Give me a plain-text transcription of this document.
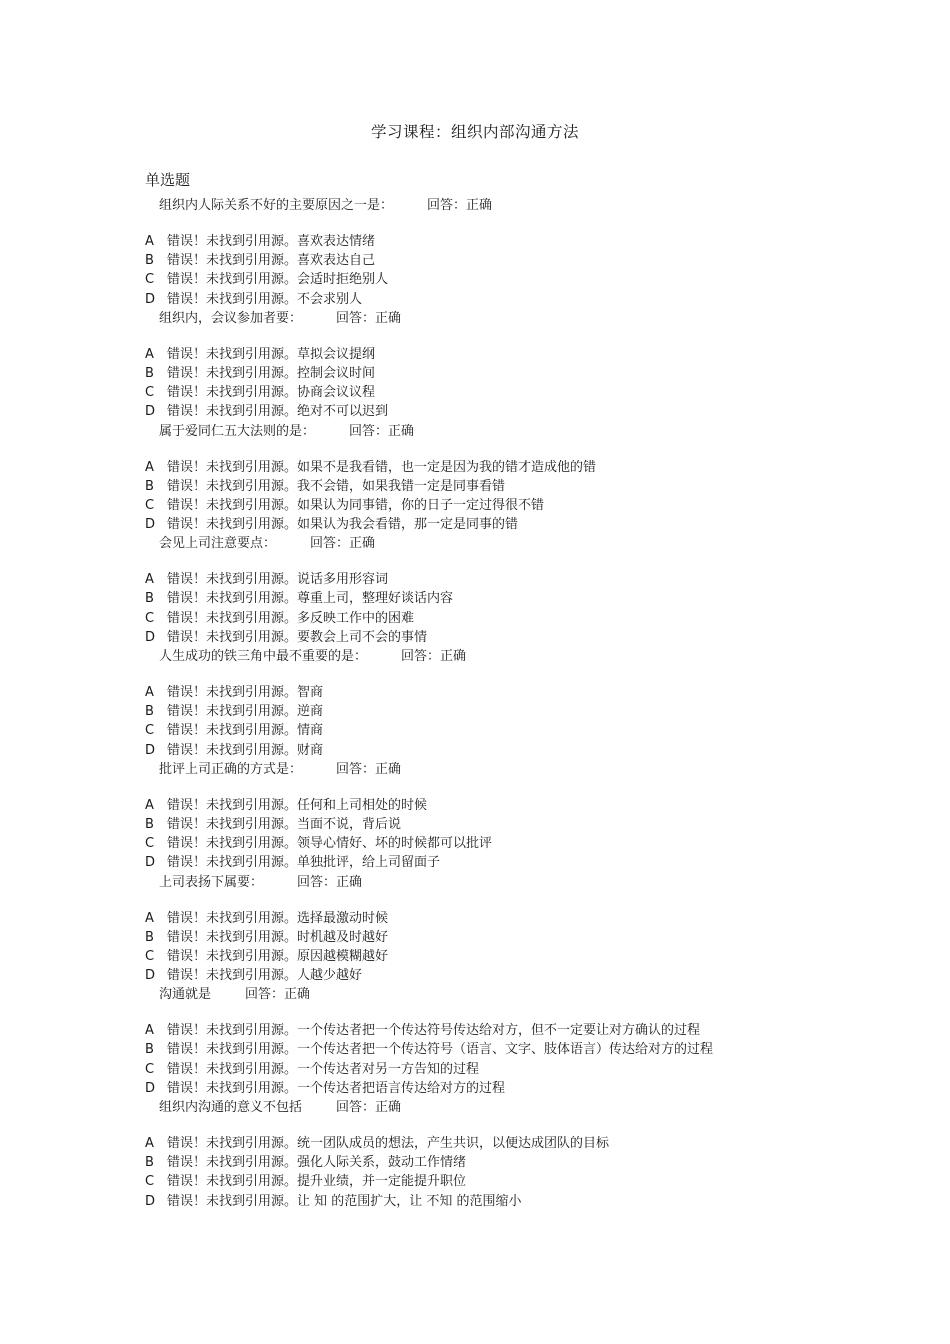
学习课程：组织内部沟通方法
单选题
组织内人际关系不好的主要原因之一是：	回答：正确
A 错误！未找到引用源。喜欢表达情绪
B 错误！未找到引用源。喜欢表达自己
C 错误！未找到引用源。会适时拒绝别人
D 错误！未找到引用源。不会求别人
组织内，会议参加者要：	回答：正确
A 错误！未找到引用源。草拟会议提纲
B 错误！未找到引用源。控制会议时间
C 错误！未找到引用源。协商会议议程
D 错误！未找到引用源。绝对不可以迟到
属于爱同仁五大法则的是：	回答：正确
A 错误！未找到引用源。如果不是我看错，也一定是因为我的错才造成他的错
B 错误！未找到引用源。我不会错，如果我错一定是同事看错
C 错误！未找到引用源。如果认为同事错，你的日子一定过得很不错
D 错误！未找到引用源。如果认为我会看错，那一定是同事的错
会见上司注意要点：	回答：正确
A 错误！未找到引用源。说话多用形容词
B 错误！未找到引用源。尊重上司，整理好谈话内容
C 错误！未找到引用源。多反映工作中的困难
D 错误！未找到引用源。要教会上司不会的事情
人生成功的铁三角中最不重要的是：	回答：正确
A 错误！未找到引用源。智商
B 错误！未找到引用源。逆商
C 错误！未找到引用源。情商
D 错误！未找到引用源。财商
批评上司正确的方式是：	回答：正确
A 错误！未找到引用源。任何和上司相处的时候
B 错误！未找到引用源。当面不说，背后说
C 错误！未找到引用源。领导心情好、坏的时候都可以批评
D 错误！未找到引用源。单独批评，给上司留面子
上司表扬下属要：	回答：正确
A 错误！未找到引用源。选择最激动时候
B 错误！未找到引用源。时机越及时越好
C 错误！未找到引用源。原因越模糊越好
D 错误！未找到引用源。人越少越好
沟通就是	回答：正确
A 错误！未找到引用源。一个传达者把一个传达符号传达给对方，但不一定要让对方确认的过程
B 错误！未找到引用源。一个传达者把一个传达符号（语言、文字、肢体语言）传达给对方的过程
C 错误！未找到引用源。一个传达者对另一方告知的过程
D 错误！未找到引用源。一个传达者把语言传达给对方的过程
组织内沟通的意义不包括	回答：正确
A 错误！未找到引用源。统一团队成员的想法，产生共识，以便达成团队的目标
B 错误！未找到引用源。强化人际关系，鼓动工作情绪
C 错误！未找到引用源。提升业绩，并一定能提升职位
D 错误！未找到引用源。让 知 的范围扩大，让 不知 的范围缩小
